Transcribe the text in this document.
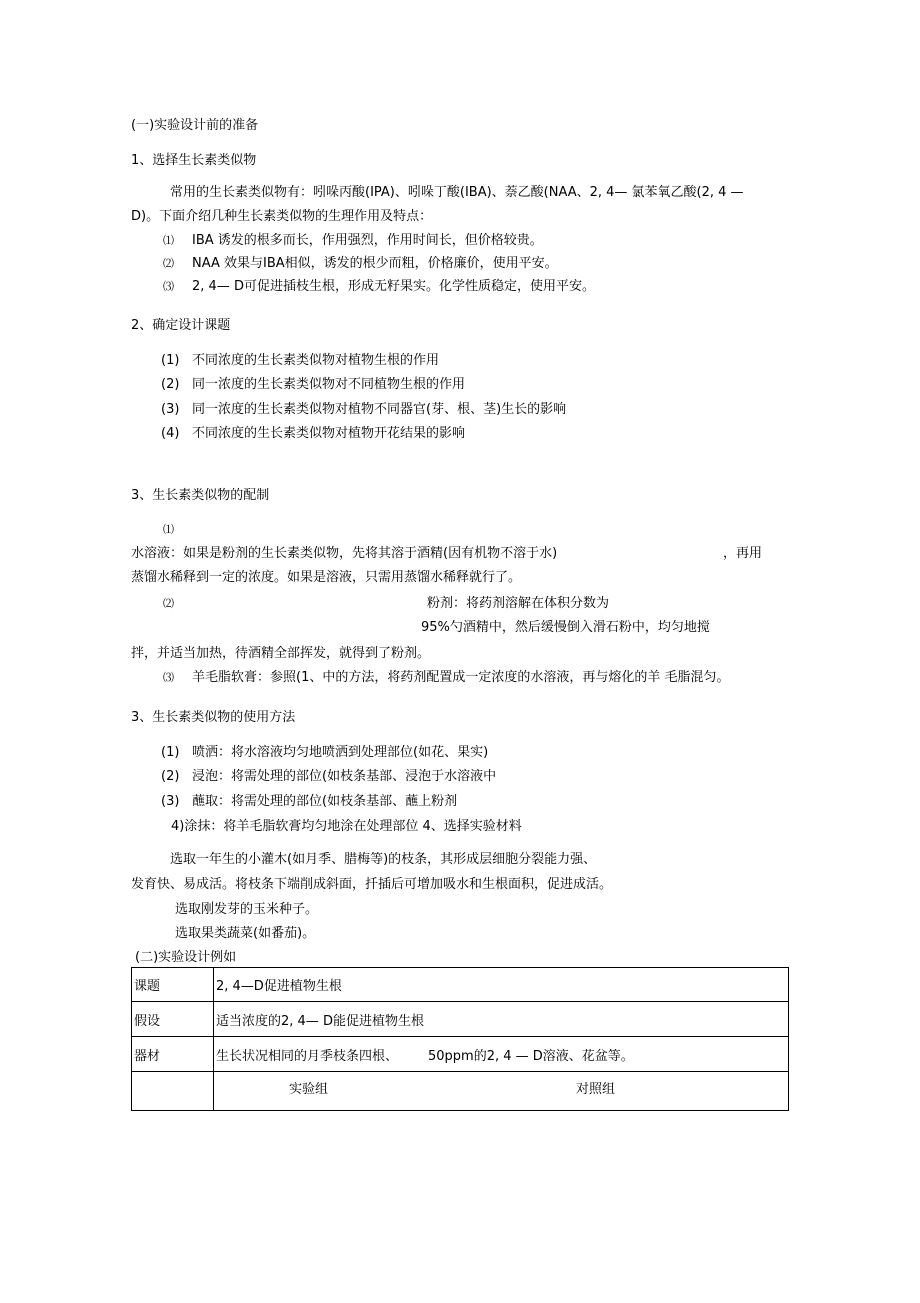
(一)实验设计前的准备
1、选择生长素类似物
常用的生长素类似物有：吲哚丙酸(IPA)、吲哚丁酸(IBA)、萘乙酸(NAA、2, 4— 氯苯氧乙酸(2, 4 —
D)。下面介绍几种生长素类似物的生理作用及特点：
⑴ IBA 诱发的根多而长，作用强烈，作用时间长，但价格较贵。
⑵ NAA 效果与IBA相似，诱发的根少而粗，价格廉价，使用平安。
⑶ 2, 4— D可促进插枝生根，形成无籽果实。化学性质稳定，使用平安。
2、确定设计课题
(1) 不同浓度的生长素类似物对植物生根的作用
(2) 同一浓度的生长素类似物对不同植物生根的作用
(3) 同一浓度的生长素类似物对植物不同器官(芽、根、茎)生长的影响
(4) 不同浓度的生长素类似物对植物开花结果的影响
3、生长素类似物的配制
⑴
水溶液：如果是粉剂的生长素类似物，先将其溶于酒精(因有机物不溶于水)	，再用
蒸馏水稀释到一定的浓度。如果是溶液，只需用蒸馏水稀释就行了。
⑵	粉剂：将药剂溶解在体积分数为
95%勺酒精中，然后缓慢倒入滑石粉中，均匀地搅
拌，并适当加热，待酒精全部挥发，就得到了粉剂。
⑶ 羊毛脂软膏：参照(1、中的方法，将药剂配置成一定浓度的水溶液，再与熔化的羊 毛脂混匀。
3、生长素类似物的使用方法
(1) 喷洒：将水溶液均匀地喷洒到处理部位(如花、果实)
(2) 浸泡：将需处理的部位(如枝条基部、浸泡于水溶液中
(3) 蘸取：将需处理的部位(如枝条基部、蘸上粉剂
4)涂抹：将羊毛脂软膏均匀地涂在处理部位 4、选择实验材料
选取一年生的小灌木(如月季、腊梅等)的枝条，其形成层细胞分裂能力强、
发育快、易成活。将枝条下端削成斜面，扦插后可增加吸水和生根面积，促进成活。
选取刚发芽的玉米种子。
选取果类蔬菜(如番茄)。
(二)实验设计例如
课题	2, 4—D促进植物生根
假设	适当浓度的2, 4— D能促进植物生根
器材	生长状况相同的月季枝条四根、 50ppm的2, 4 — D溶液、花盆等。

	实验组 对照组
